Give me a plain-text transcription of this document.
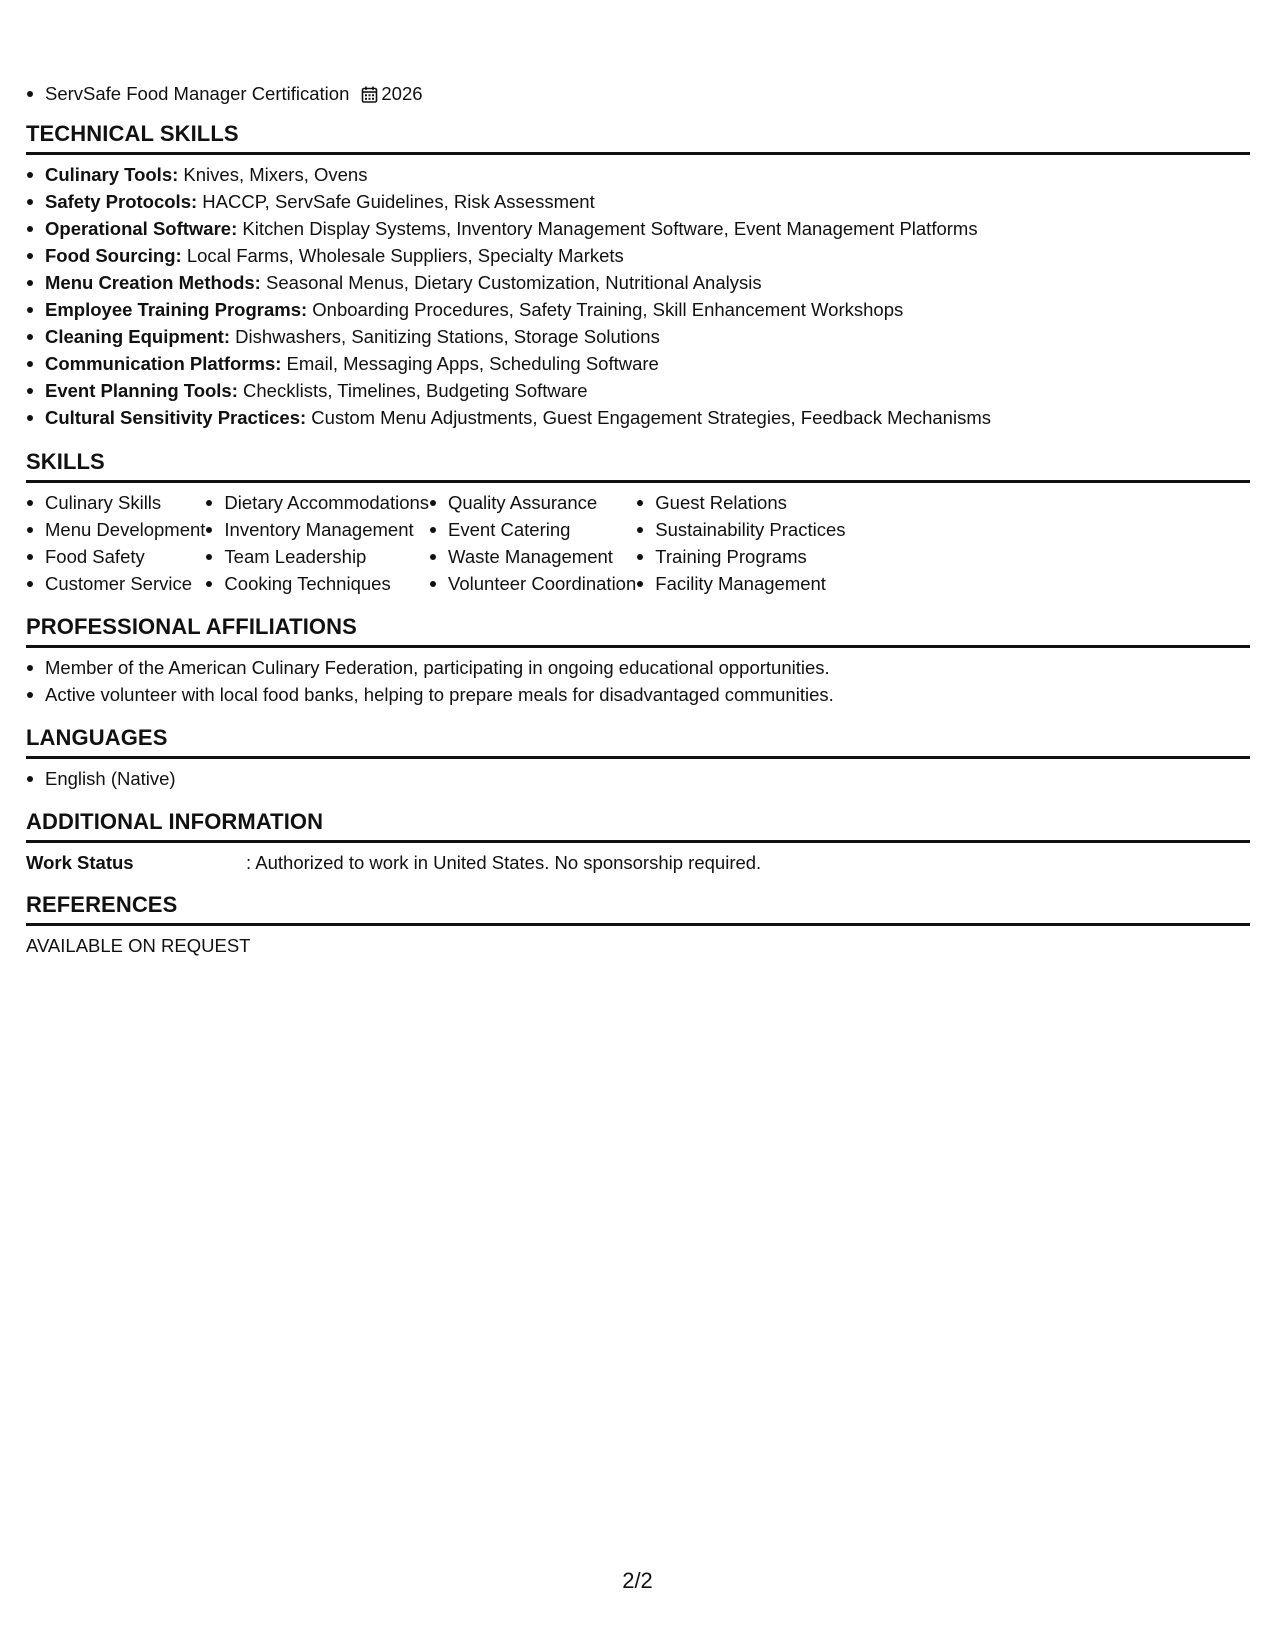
ServSafe Food Manager Certification 2026
TECHNICAL SKILLS
Culinary Tools: Knives, Mixers, Ovens
Safety Protocols: HACCP, ServSafe Guidelines, Risk Assessment
Operational Software: Kitchen Display Systems, Inventory Management Software, Event Management Platforms
Food Sourcing: Local Farms, Wholesale Suppliers, Specialty Markets
Menu Creation Methods: Seasonal Menus, Dietary Customization, Nutritional Analysis
Employee Training Programs: Onboarding Procedures, Safety Training, Skill Enhancement Workshops
Cleaning Equipment: Dishwashers, Sanitizing Stations, Storage Solutions
Communication Platforms: Email, Messaging Apps, Scheduling Software
Event Planning Tools: Checklists, Timelines, Budgeting Software
Cultural Sensitivity Practices: Custom Menu Adjustments, Guest Engagement Strategies, Feedback Mechanisms
SKILLS
Culinary Skills
Menu Development
Food Safety
Customer Service
Dietary Accommodations
Inventory Management
Team Leadership
Cooking Techniques
Quality Assurance
Event Catering
Waste Management
Volunteer Coordination
Guest Relations
Sustainability Practices
Training Programs
Facility Management
PROFESSIONAL AFFILIATIONS
Member of the American Culinary Federation, participating in ongoing educational opportunities.
Active volunteer with local food banks, helping to prepare meals for disadvantaged communities.
LANGUAGES
English (Native)
ADDITIONAL INFORMATION
Work Status	: Authorized to work in United States. No sponsorship required.
REFERENCES
AVAILABLE ON REQUEST
2/2
